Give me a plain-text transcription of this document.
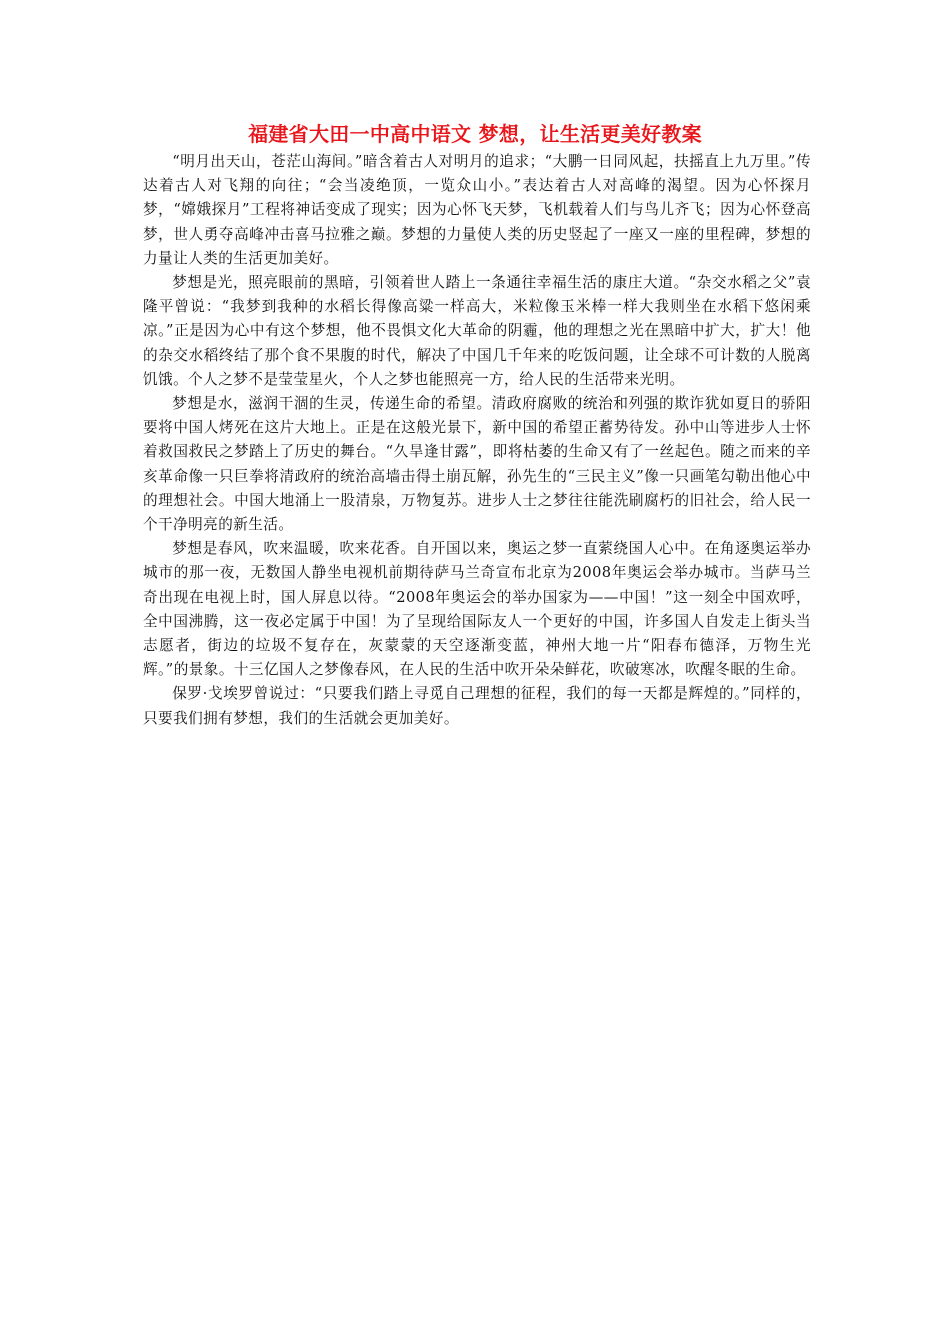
福建省大田一中高中语文 梦想，让生活更美好教案

“明月出天山，苍茫山海间。”暗含着古人对明月的追求；“大鹏一日同风起，扶摇直上九万里。”传达着古人对飞翔的向往；“会当凌绝顶，一览众山小。”表达着古人对高峰的渴望。因为心怀探月梦，“嫦娥探月”工程将神话变成了现实；因为心怀飞天梦，飞机载着人们与鸟儿齐飞；因为心怀登高梦，世人勇夺高峰冲击喜马拉雅之巅。梦想的力量使人类的历史竖起了一座又一座的里程碑，梦想的力量让人类的生活更加美好。

梦想是光，照亮眼前的黑暗，引领着世人踏上一条通往幸福生活的康庄大道。“杂交水稻之父”袁隆平曾说：“我梦到我种的水稻长得像高粱一样高大，米粒像玉米棒一样大我则坐在水稻下悠闲乘凉。”正是因为心中有这个梦想，他不畏惧文化大革命的阴霾，他的理想之光在黑暗中扩大，扩大！他的杂交水稻终结了那个食不果腹的时代，解决了中国几千年来的吃饭问题，让全球不可计数的人脱离饥饿。个人之梦不是莹莹星火，个人之梦也能照亮一方，给人民的生活带来光明。

梦想是水，滋润干涸的生灵，传递生命的希望。清政府腐败的统治和列强的欺诈犹如夏日的骄阳要将中国人烤死在这片大地上。正是在这般光景下，新中国的希望正蓄势待发。孙中山等进步人士怀着救国救民之梦踏上了历史的舞台。“久旱逢甘露”，即将枯萎的生命又有了一丝起色。随之而来的辛亥革命像一只巨拳将清政府的统治高墙击得土崩瓦解，孙先生的“三民主义”像一只画笔勾勒出他心中的理想社会。中国大地涌上一股清泉，万物复苏。进步人士之梦往往能洗刷腐朽的旧社会，给人民一个干净明亮的新生活。

梦想是春风，吹来温暖，吹来花香。自开国以来，奥运之梦一直萦绕国人心中。在角逐奥运举办城市的那一夜，无数国人静坐电视机前期待萨马兰奇宣布北京为2008年奥运会举办城市。当萨马兰奇出现在电视上时，国人屏息以待。“2008年奥运会的举办国家为——中国！”这一刻全中国欢呼，全中国沸腾，这一夜必定属于中国！为了呈现给国际友人一个更好的中国，许多国人自发走上街头当志愿者，街边的垃圾不复存在，灰蒙蒙的天空逐渐变蓝，神州大地一片“阳春布德泽，万物生光辉。”的景象。十三亿国人之梦像春风，在人民的生活中吹开朵朵鲜花，吹破寒冰，吹醒冬眠的生命。

保罗·戈埃罗曾说过：“只要我们踏上寻觅自己理想的征程，我们的每一天都是辉煌的。”同样的，只要我们拥有梦想，我们的生活就会更加美好。
